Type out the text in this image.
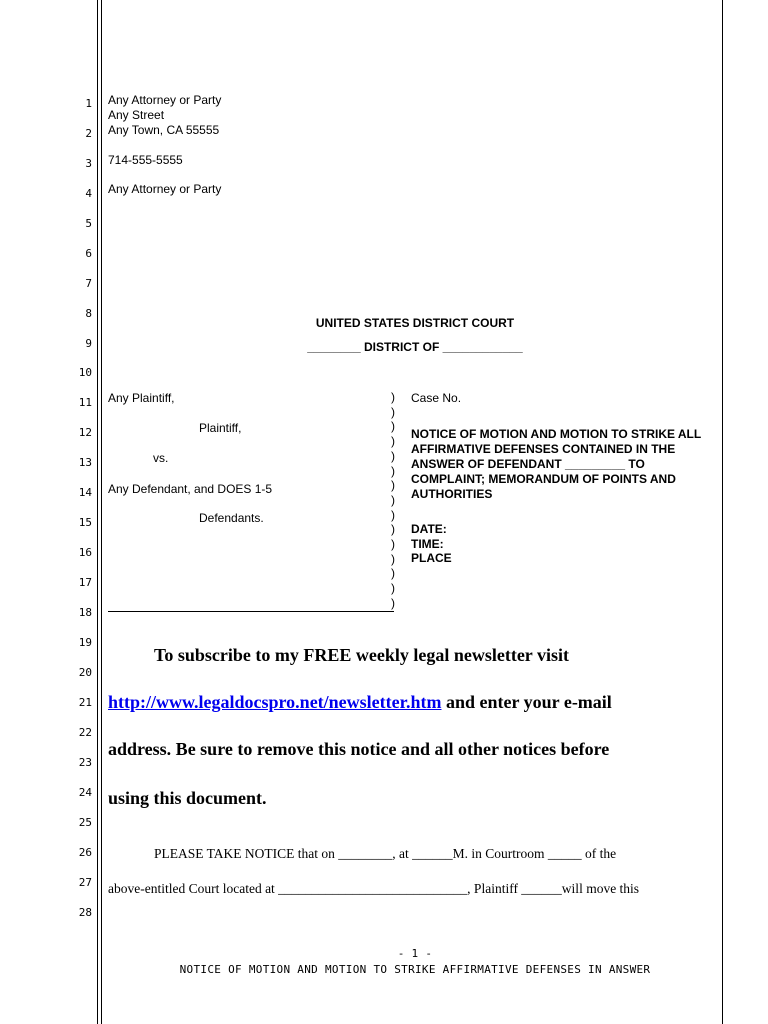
1
2
3
4
5
6
7
8
9
10
11
12
13
14
15
16
17
18
19
20
21
22
23
24
25
26
27
28
Any Attorney or Party
Any Street
Any Town, CA 55555
714-555-5555
Any Attorney or Party
UNITED STATES DISTRICT COURT
________ DISTRICT OF ____________
Any Plaintiff,
Plaintiff,
vs.
Any Defendant, and DOES 1-5
Defendants.
)
)
)
)
)
)
)
)
)
)
)
)
)
)
)
Case No.
NOTICE OF MOTION AND MOTION TO STRIKE ALL AFFIRMATIVE DEFENSES CONTAINED IN THE ANSWER OF DEFENDANT _________ TO COMPLAINT; MEMORANDUM OF POINTS AND AUTHORITIES
DATE:
TIME:
PLACE
To subscribe to my FREE weekly legal newsletter visit
http://www.legaldocspro.net/newsletter.htm and enter your e-mail
address. Be sure to remove this notice and all other notices before
using this document.
PLEASE TAKE NOTICE that on ________, at ______M. in Courtroom _____ of the
above-entitled Court located at ____________________________, Plaintiff ______will move this
- 1 -
NOTICE OF MOTION AND MOTION TO STRIKE AFFIRMATIVE DEFENSES IN ANSWER
